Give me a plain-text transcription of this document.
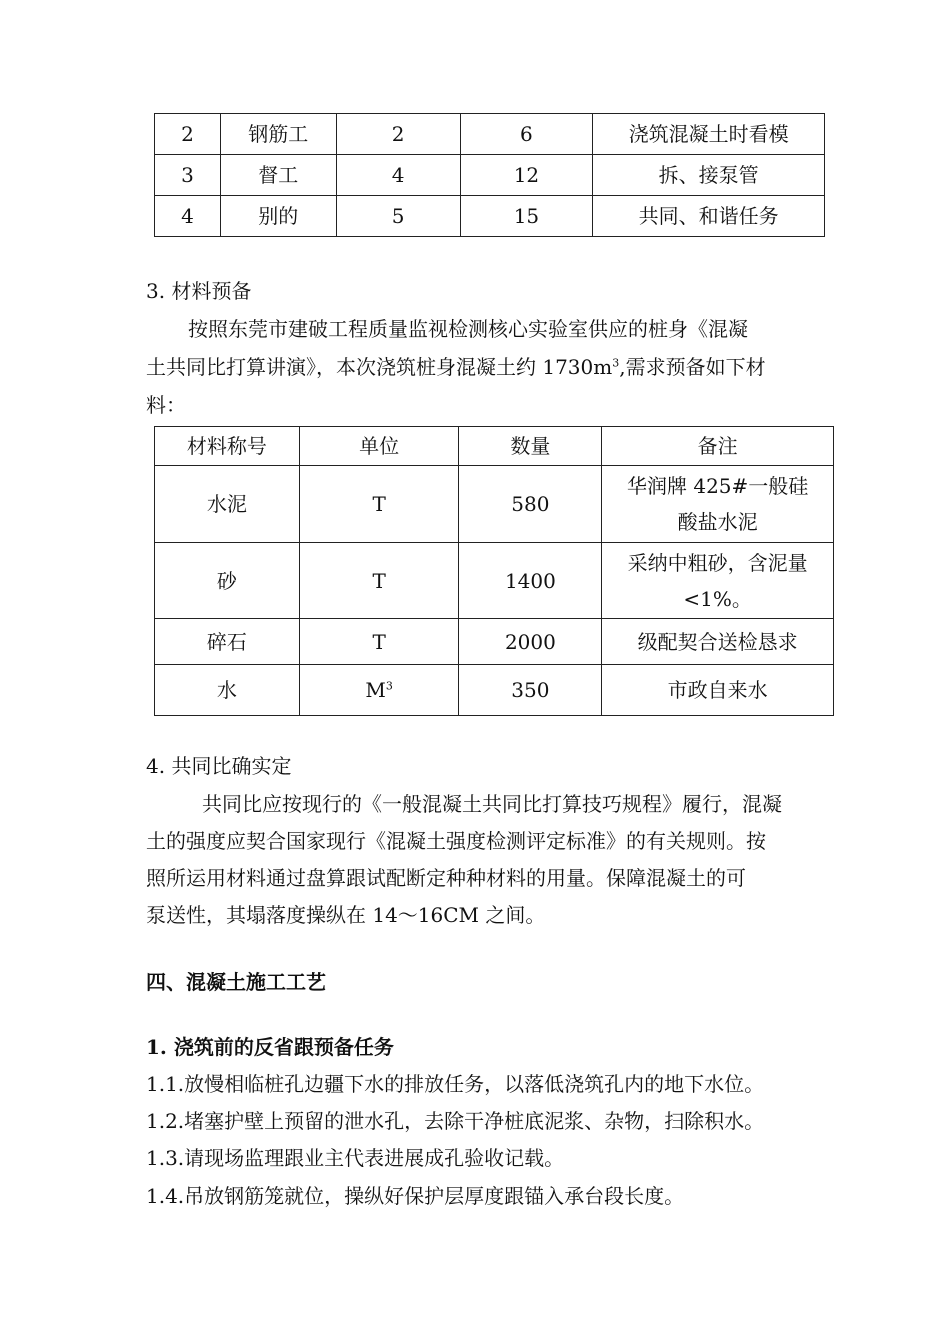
2	钢筋工	2	6	浇筑混凝土时看模
3	督工	4	12	拆、接泵管
4	别的	5	15	共同、和谐任务
3. 材料预备
按照东莞市建破工程质量监视检测核心实验室供应的桩身《混凝
土共同比打算讲演》，本次浇筑桩身混凝土约 $1730m^3$,需求预备如下材
料：
材料称号	单位	数量	备注
水泥	T	580	华润牌 425#一般硅
酸盐水泥

砂	T	1400	采纳中粗砂，含泥量
<1%。

碎石	T	2000	级配契合送检恳求
水	$M^3$	350	市政自来水
4. 共同比确实定
共同比应按现行的《一般混凝土共同比打算技巧规程》履行，混凝
土的强度应契合国家现行《混凝土强度检测评定标准》的有关规则。按
照所运用材料通过盘算跟试配断定种种材料的用量。保障混凝土的可
泵送性，其塌落度操纵在 14～16CM 之间。
四、混凝土施工工艺
1. 浇筑前的反省跟预备任务
1.1.放慢相临桩孔边疆下水的排放任务，以落低浇筑孔内的地下水位。
1.2.堵塞护壁上预留的泄水孔，去除干净桩底泥浆、杂物，扫除积水。
1.3.请现场监理跟业主代表进展成孔验收记载。
1.4.吊放钢筋笼就位，操纵好保护层厚度跟锚入承台段长度。
